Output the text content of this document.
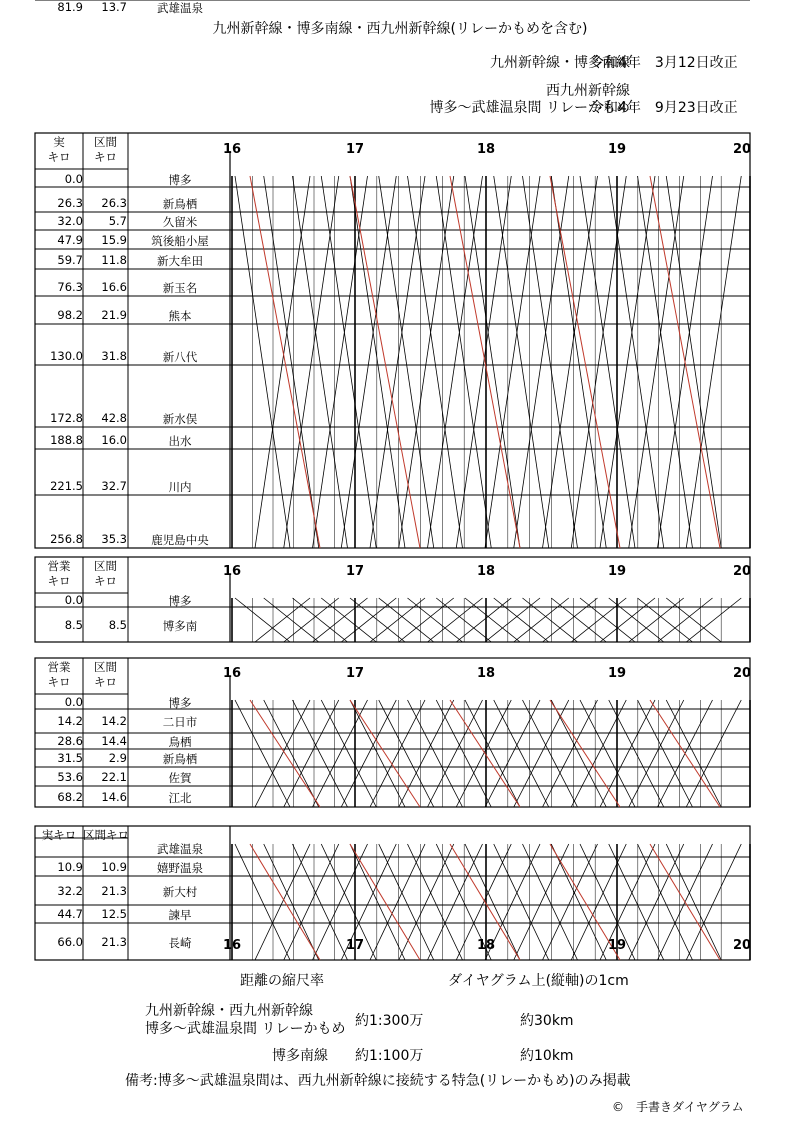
九州新幹線・博多南線・西九州新幹線(リレーかもめを含む)
九州新幹線・博多南線
令和4年　3月12日改正
西九州新幹線
博多～武雄温泉間 リレーかもめ
令和4年　9月23日改正
実
キロ
区間
キロ	16	17	18	19	20
0.0	博多
26.3	26.3	新鳥栖
32.0	5.7	久留米
47.9	15.9	筑後船小屋
59.7	11.8	新大牟田
76.3	16.6	新玉名
98.2	21.9	熊本
130.0	31.8	新八代
172.8	42.8	新水俣
188.8	16.0	出水
221.5	32.7	川内
256.8	35.3	鹿児島中央
営業
キロ
区間
キロ
16	17	18	19	20
0.0	博多
8.5	8.5	博多南
営業
キロ
区間
キロ
16	17	18	19	20
0.0	博多
14.2	14.2	二日市
28.6	14.4	鳥栖
31.5	2.9	新鳥栖
53.6	22.1	佐賀
68.2	14.6	江北
81.9	13.7	武雄温泉
実キロ 区間キロ
16	17	18	19	20
武雄温泉
10.9	10.9	嬉野温泉
32.2	21.3	新大村
44.7	12.5	諫早
66.0	21.3	長崎
距離の縮尺率	ダイヤグラム上(縦軸)の1cm
九州新幹線・西九州新幹線
博多～武雄温泉間 リレーかもめ 約1:300万	約30km
博多南線 約1:100万	約10km
備考:博多～武雄温泉間は、西九州新幹線に接続する特急(リレーかもめ)のみ掲載
©　手書きダイヤグラム
